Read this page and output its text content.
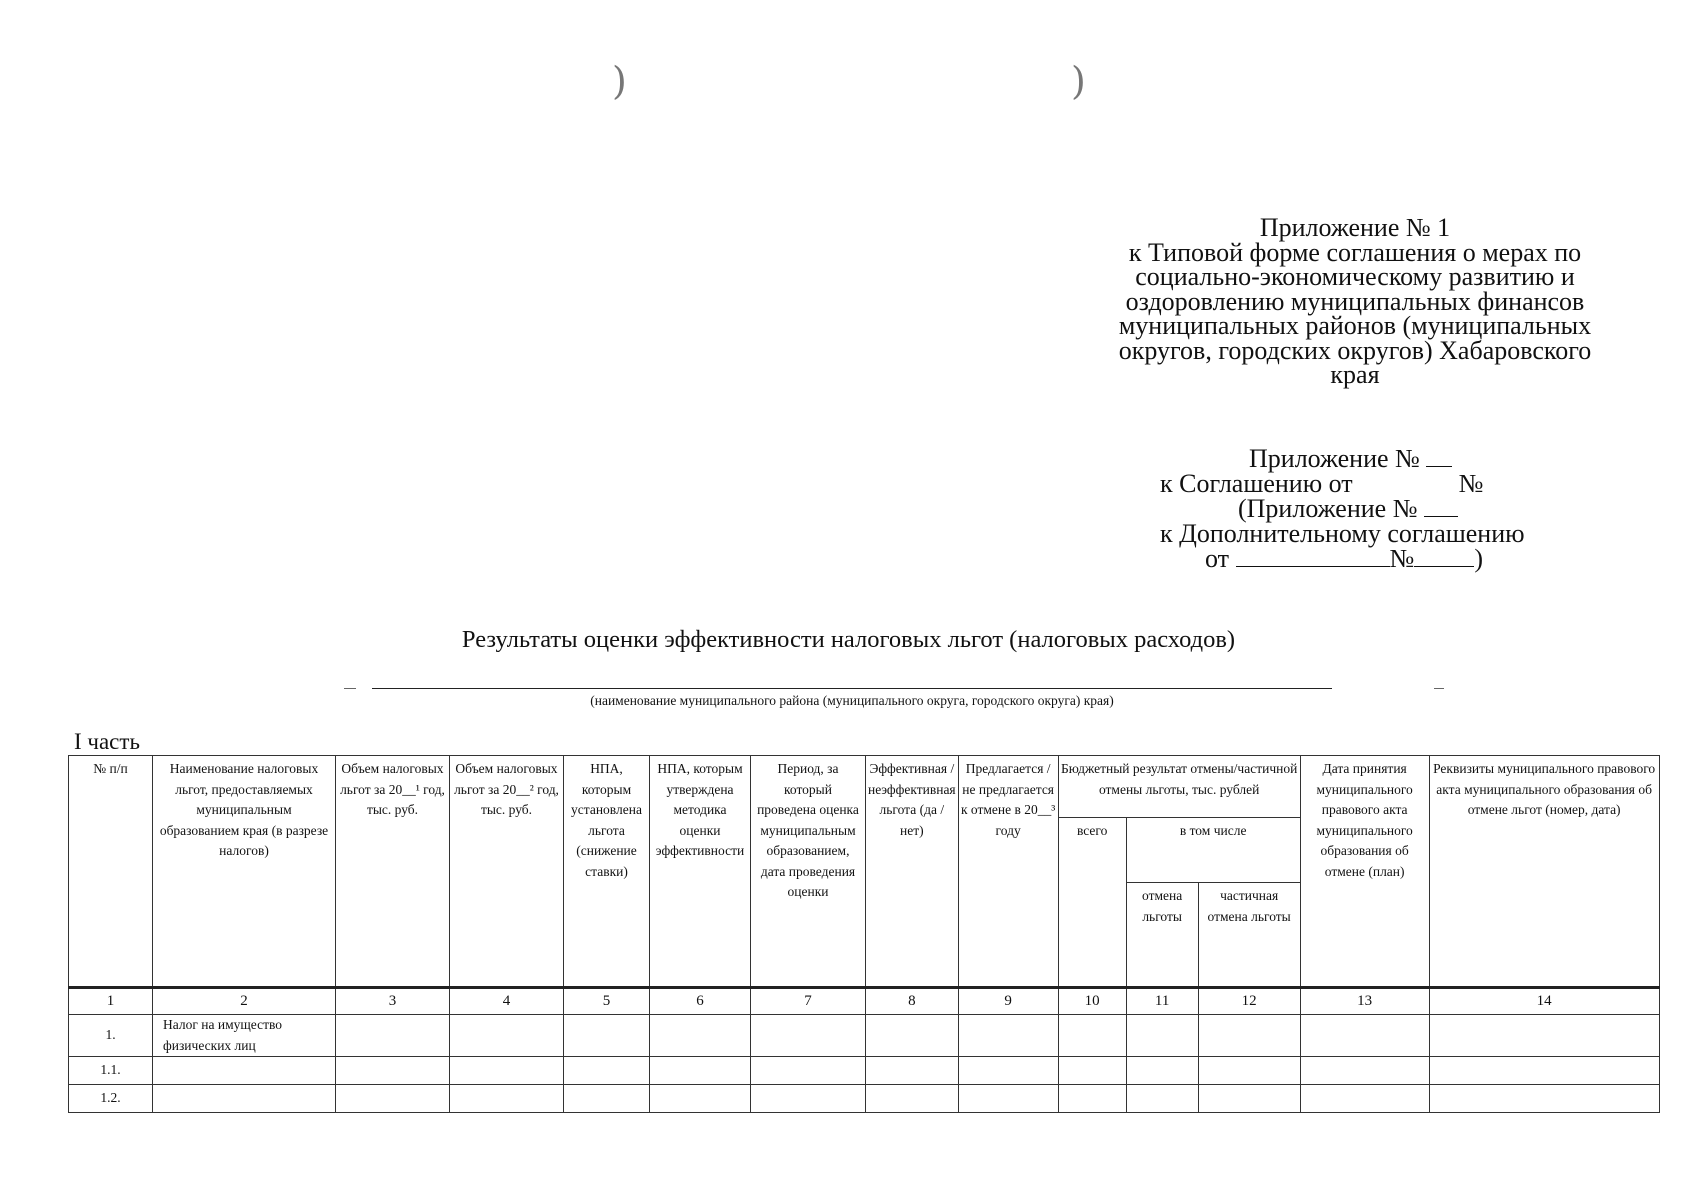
)	)
Приложение № 1
к Типовой форме соглашения о мерах по
социально-экономическому развитию и
оздоровлению муниципальных финансов
муниципальных районов (муниципальных
округов, городских округов) Хабаровского
края
Приложение №
к Соглашению от	№
(Приложение №
к Дополнительному соглашению
от	№ )
Результаты оценки эффективности налоговых льгот (налоговых расходов)
(наименование муниципального района (муниципального округа, городского округа) края)
I часть
№ п/п	Наименование налоговых льгот, предоставляемых муниципальным образованием края (в разрезе налогов)	Объем налоговых льгот за 20__¹ год, тыс. руб.	Объем налоговых льгот за 20__² год, тыс. руб.	НПА, которым установлена льгота (снижение ставки)	НПА, которым утверждена методика оценки эффективности	Период, за который проведена оценка муниципальным образованием, дата проведения оценки	Эффективная / неэффективная льгота (да /нет)	Предлагается / не предлагается к отмене в 20__³ году	Бюджетный результат отмены/частичной отмены льготы, тыс. рублей			Дата принятия муниципального правового акта муниципального образования об отмене (план)	Реквизиты муниципального правового акта муниципального образования об отмене льгот (номер, дата)
									всего	в том числе			
										отмена льготы	частичная отмена льготы		
1	2	3	4	5	6	7	8	9	10	11	12	13	14
1.	Налог на имущество физических лиц												
1.1.													
1.2.													
